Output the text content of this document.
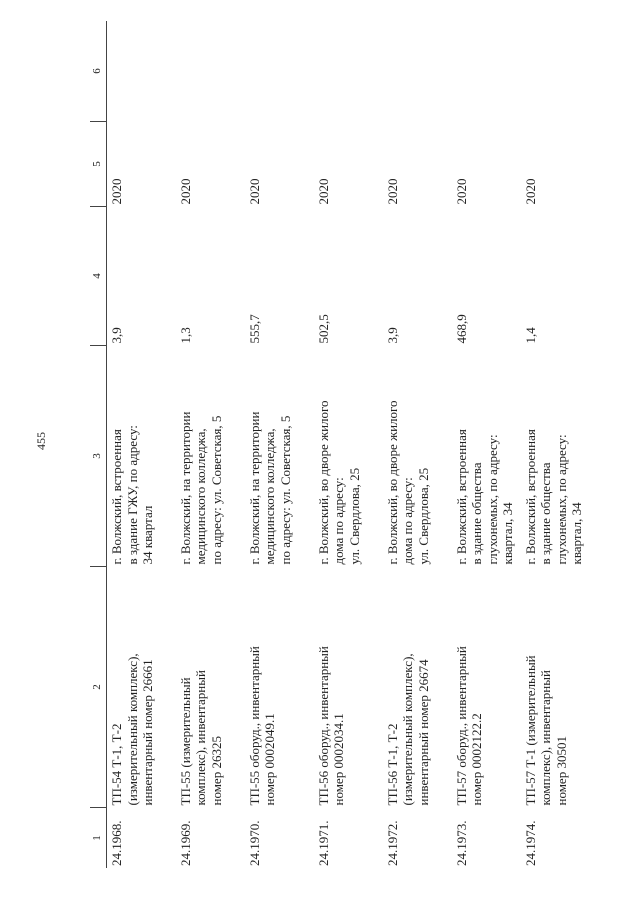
455
1	2	3	4	5	6
24.1968.	ТП-54 Т-1, Т-2
(измерительный комплекс),
инвентарный номер 26661	г. Волжский, встроенная
в здание ГЖУ, по адресу:
34 квартал	3,9	2020	
24.1969.	ТП-55 (измерительный
комплекс), инвентарный
номер 26325	г. Волжский, на территории
медицинского колледжа,
по адресу: ул. Советская, 5	1,3	2020	
24.1970.	ТП-55 оборуд., инвентарный
номер 0002049.1	г. Волжский, на территории
медицинского колледжа,
по адресу: ул. Советская, 5	555,7	2020	
24.1971.	ТП-56 оборуд., инвентарный
номер 0002034.1	г. Волжский, во дворе жилого
дома по адресу:
ул. Свердлова, 25	502,5	2020	
24.1972.	ТП-56 Т-1, Т-2
(измерительный комплекс),
инвентарный номер 26674	г. Волжский, во дворе жилого
дома по адресу:
ул. Свердлова, 25	3,9	2020	
24.1973.	ТП-57 оборуд., инвентарный
номер 0002122.2	г. Волжский, встроенная
в здание общества
глухонемых, по адресу:
квартал, 34	468,9	2020	
24.1974.	ТП-57 Т-1 (измерительный
комплекс), инвентарный
номер 30501	г. Волжский, встроенная
в здание общества
глухонемых, по адресу:
квартал, 34	1,4	2020	
